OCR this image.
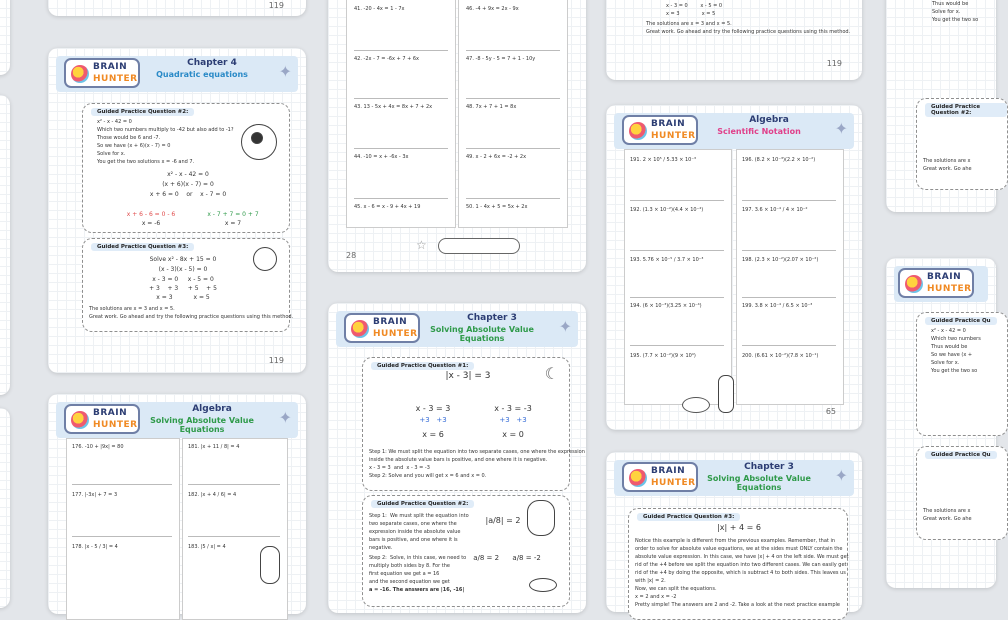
BRAIN
HUNTER
Chapter 4
Quadratic equations	✦
Guided Practice Question #2:
x² - x - 42 = 0
Which two numbers multiply to -42 but also add to -1?
Those would be 6 and -7.
So we have (x + 6)(x - 7) = 0
Solve for x.
You get the two solutions x = -6 and 7.
x² - x - 42 = 0
(x + 6)(x - 7) = 0
x + 6 = 0    or    x - 7 = 0
x + 6 - 6 = 0 - 6
x = -6
x - 7 + 7 = 0 + 7
x = 7
Guided Practice Question #3:
Solve x² - 8x + 15 = 0
(x - 3)(x - 5) = 0
x - 3 = 0     x - 5 = 0
+ 3    + 3     + 5    + 5
x = 3           x = 5
The solutions are x = 3 and x = 5.
Great work. Go ahead and try the following practice questions using this method.
119
41. -20 - 4x = 1 - 7x
42. -2x - 7 = -6x + 7 + 6x
43. 13 - 5x + 4x = 8x + 7 + 2x
44. -10 = x + -6x - 3x
45. x - 6 = x - 9 + 4x + 19
46. -4 + 9x = 2x - 9x
47. -8 - 5y - 5 = 7 + 1 - 10y
48. 7x + 7 + 1 = 8x
49. x - 2 + 6x = -2 + 2x
50. 1 - 4x + 5 = 5x + 2x
28
☆
x - 3 = 0        x - 5 = 0
x = 3              x = 5
The solutions are x = 3 and x = 5.
Great work. Go ahead and try the following practice questions using this method.
119
119
BRAIN
HUNTER
Algebra
Scientific Notation	✦
191. 2 × 10⁵ / 5.33 × 10⁻³
192. (1.3 × 10⁻²)(4.4 × 10⁻⁴)
193. 5.76 × 10⁻⁵ / 3.7 × 10⁻³
194. (6 × 10⁻³)(3.25 × 10⁻⁴)
195. (7.7 × 10⁻²)(9 × 10⁴)
196. (8.2 × 10⁻³)(2.2 × 10⁻²)
197. 3.6 × 10⁻⁴ / 4 × 10⁻²
198. (2.3 × 10⁻²)(2.07 × 10⁻²)
199. 3.8 × 10⁻⁴ / 6.5 × 10⁻³
200. (6.61 × 10⁻²)(7.8 × 10⁻¹)
65
BRAIN
HUNTER
Chapter 3
Solving Absolute Value Equations
✦
Guided Practice Question #1:
|x - 3| = 3
x - 3 = 3
+3   +3
x = 6
x - 3 = -3
+3   +3
x = 0
Step 1: We must split the equation into two separate cases, one where the expression
inside the absolute value bars is positive, and one where it is negative.
x - 3 = 3  and  x - 3 = -3
Step 2: Solve and you will get x = 6 and x = 0.
☾
Guided Practice Question #2:
Step 1:  We must split the equation into
two separate cases, one where the
expression inside the absolute value
bars is positive, and one where it is
negative.
Step 2:  Solve, in this case, we need to
multiply both sides by 8. For the
first equation we get a = 16
and the second equation we get
a = -16. The answers are |16, -16|
|a/8| = 2
a/8 = 2      a/8 = -2
BRAIN
HUNTER
Algebra
Solving Absolute Value Equations
✦
176. -10 + |9x| = 80
177. |-3x| + 7 = 3
178. |x - 5 / 3| = 4
181. |x + 11 / 8| = 4
182. |x + 4 / 6| = 4
183. |5 / x| = 4
BRAIN
HUNTER
Chapter 3
Solving Absolute Value Equations
✦
Guided Practice Question #3:
|x| + 4 = 6
Notice this example is different from the previous examples. Remember, that in
order to solve for absolute value equations, we at the sides must ONLY contain the
absolute value expression. In this case, we have |x| + 4 on the left side. We must get
rid of the +4 before we split the equation into two different cases. We can easily get
rid of the +4 by doing the opposite, which is subtract 4 to both sides. This leaves us
with |x| = 2.
Now, we can split the equations.
x = 2 and x = -2
Pretty simple! The answers are 2 and -2. Take a look at the next practice example
Thus would be
Solve for x.
You get the two so
Guided Practice Question #2:
The solutions are x
Great work. Go ahe
BRAIN
HUNTER
Guided Practice Qu
x² - x - 42 = 0
Which two numbers
Thus would be
So we have (x +
Solve for x.
You get the two so
Guided Practice Qu
The solutions are x
Great work. Go ahe
